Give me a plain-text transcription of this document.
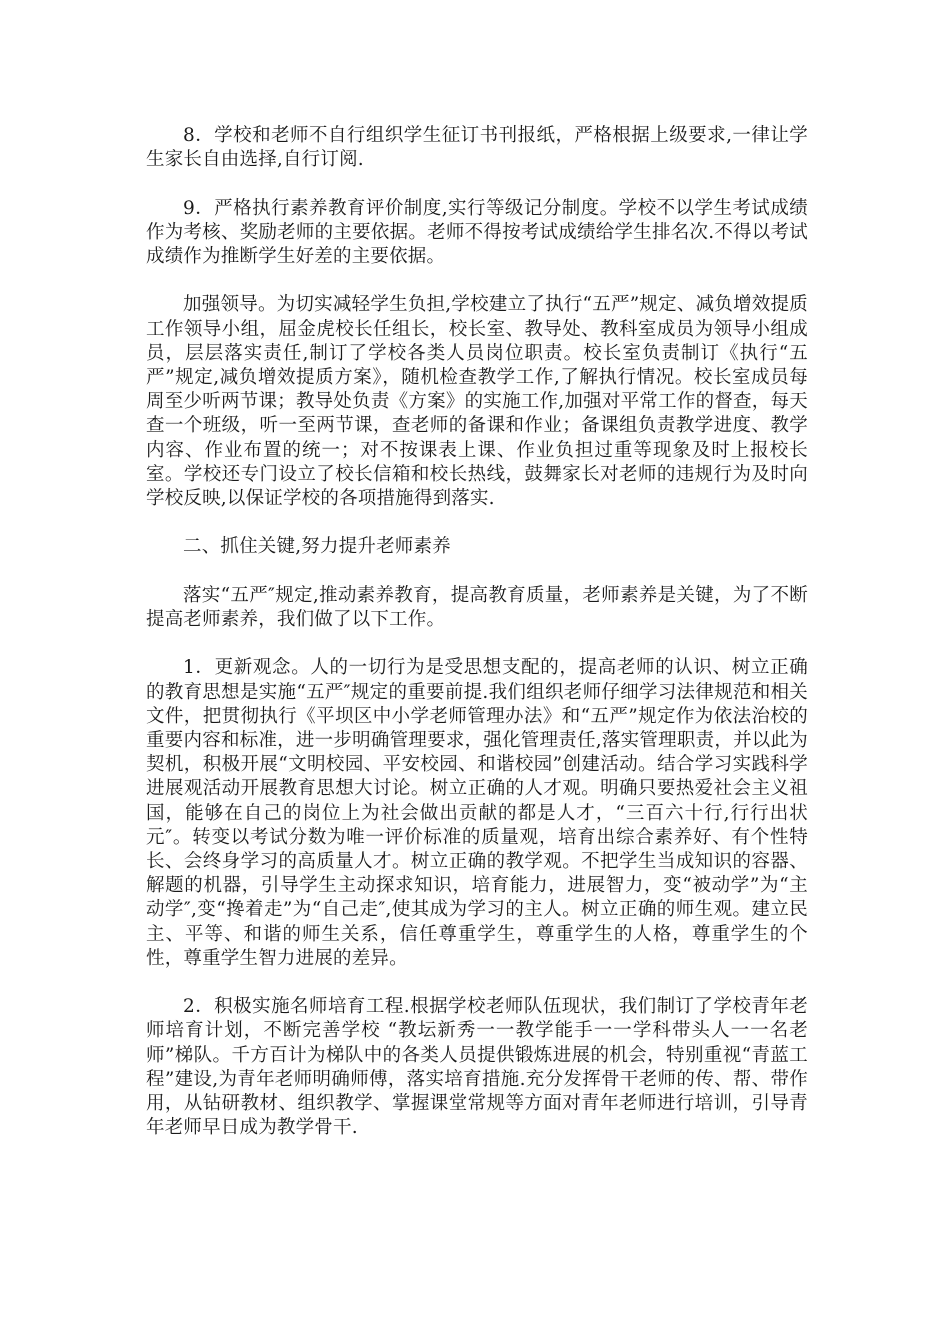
8．学校和老师不自行组织学生征订书刊报纸，严格根据上级要求,一律让学生家长自由选择,自行订阅.

9．严格执行素养教育评价制度,实行等级记分制度。学校不以学生考试成绩作为考核、奖励老师的主要依据。老师不得按考试成绩给学生排名次.不得以考试成绩作为推断学生好差的主要依据。

加强领导。为切实减轻学生负担,学校建立了执行“五严”规定、减负增效提质工作领导小组，屈金虎校长任组长，校长室、教导处、教科室成员为领导小组成员，层层落实责任,制订了学校各类人员岗位职责。校长室负责制订《执行“五严”规定,减负增效提质方案》，随机检查教学工作,了解执行情况。校长室成员每周至少听两节课；教导处负责《方案》的实施工作,加强对平常工作的督查，每天查一个班级，听一至两节课，查老师的备课和作业；备课组负责教学进度、教学内容、作业布置的统一；对不按课表上课、作业负担过重等现象及时上报校长室。学校还专门设立了校长信箱和校长热线，鼓舞家长对老师的违规行为及时向学校反映,以保证学校的各项措施得到落实.

二、抓住关键,努力提升老师素养

落实“五严″规定,推动素养教育，提高教育质量，老师素养是关键，为了不断提高老师素养，我们做了以下工作。

1．更新观念。人的一切行为是受思想支配的，提高老师的认识、树立正确的教育思想是实施“五严″规定的重要前提.我们组织老师仔细学习法律规范和相关文件，把贯彻执行《平坝区中小学老师管理办法》和“五严”规定作为依法治校的重要内容和标准，进一步明确管理要求，强化管理责任,落实管理职责，并以此为契机，积极开展“文明校园、平安校园、和谐校园”创建活动。结合学习实践科学进展观活动开展教育思想大讨论。树立正确的人才观。明确只要热爱社会主义祖国，能够在自己的岗位上为社会做出贡献的都是人才，“三百六十行,行行出状元″。转变以考试分数为唯一评价标准的质量观，培育出综合素养好、有个性特长、会终身学习的高质量人才。树立正确的教学观。不把学生当成知识的容器、解题的机器，引导学生主动探求知识，培育能力，进展智力，变“被动学”为“主动学″,变“搀着走”为“自己走″,使其成为学习的主人。树立正确的师生观。建立民主、平等、和谐的师生关系，信任尊重学生，尊重学生的人格，尊重学生的个性，尊重学生智力进展的差异。

2．积极实施名师培育工程.根据学校老师队伍现状，我们制订了学校青年老师培育计划，不断完善学校 “教坛新秀一一教学能手一一学科带头人一一名老师”梯队。千方百计为梯队中的各类人员提供锻炼进展的机会，特别重视“青蓝工程”建设,为青年老师明确师傅，落实培育措施.充分发挥骨干老师的传、帮、带作用，从钻研教材、组织教学、掌握课堂常规等方面对青年老师进行培训，引导青年老师早日成为教学骨干.
